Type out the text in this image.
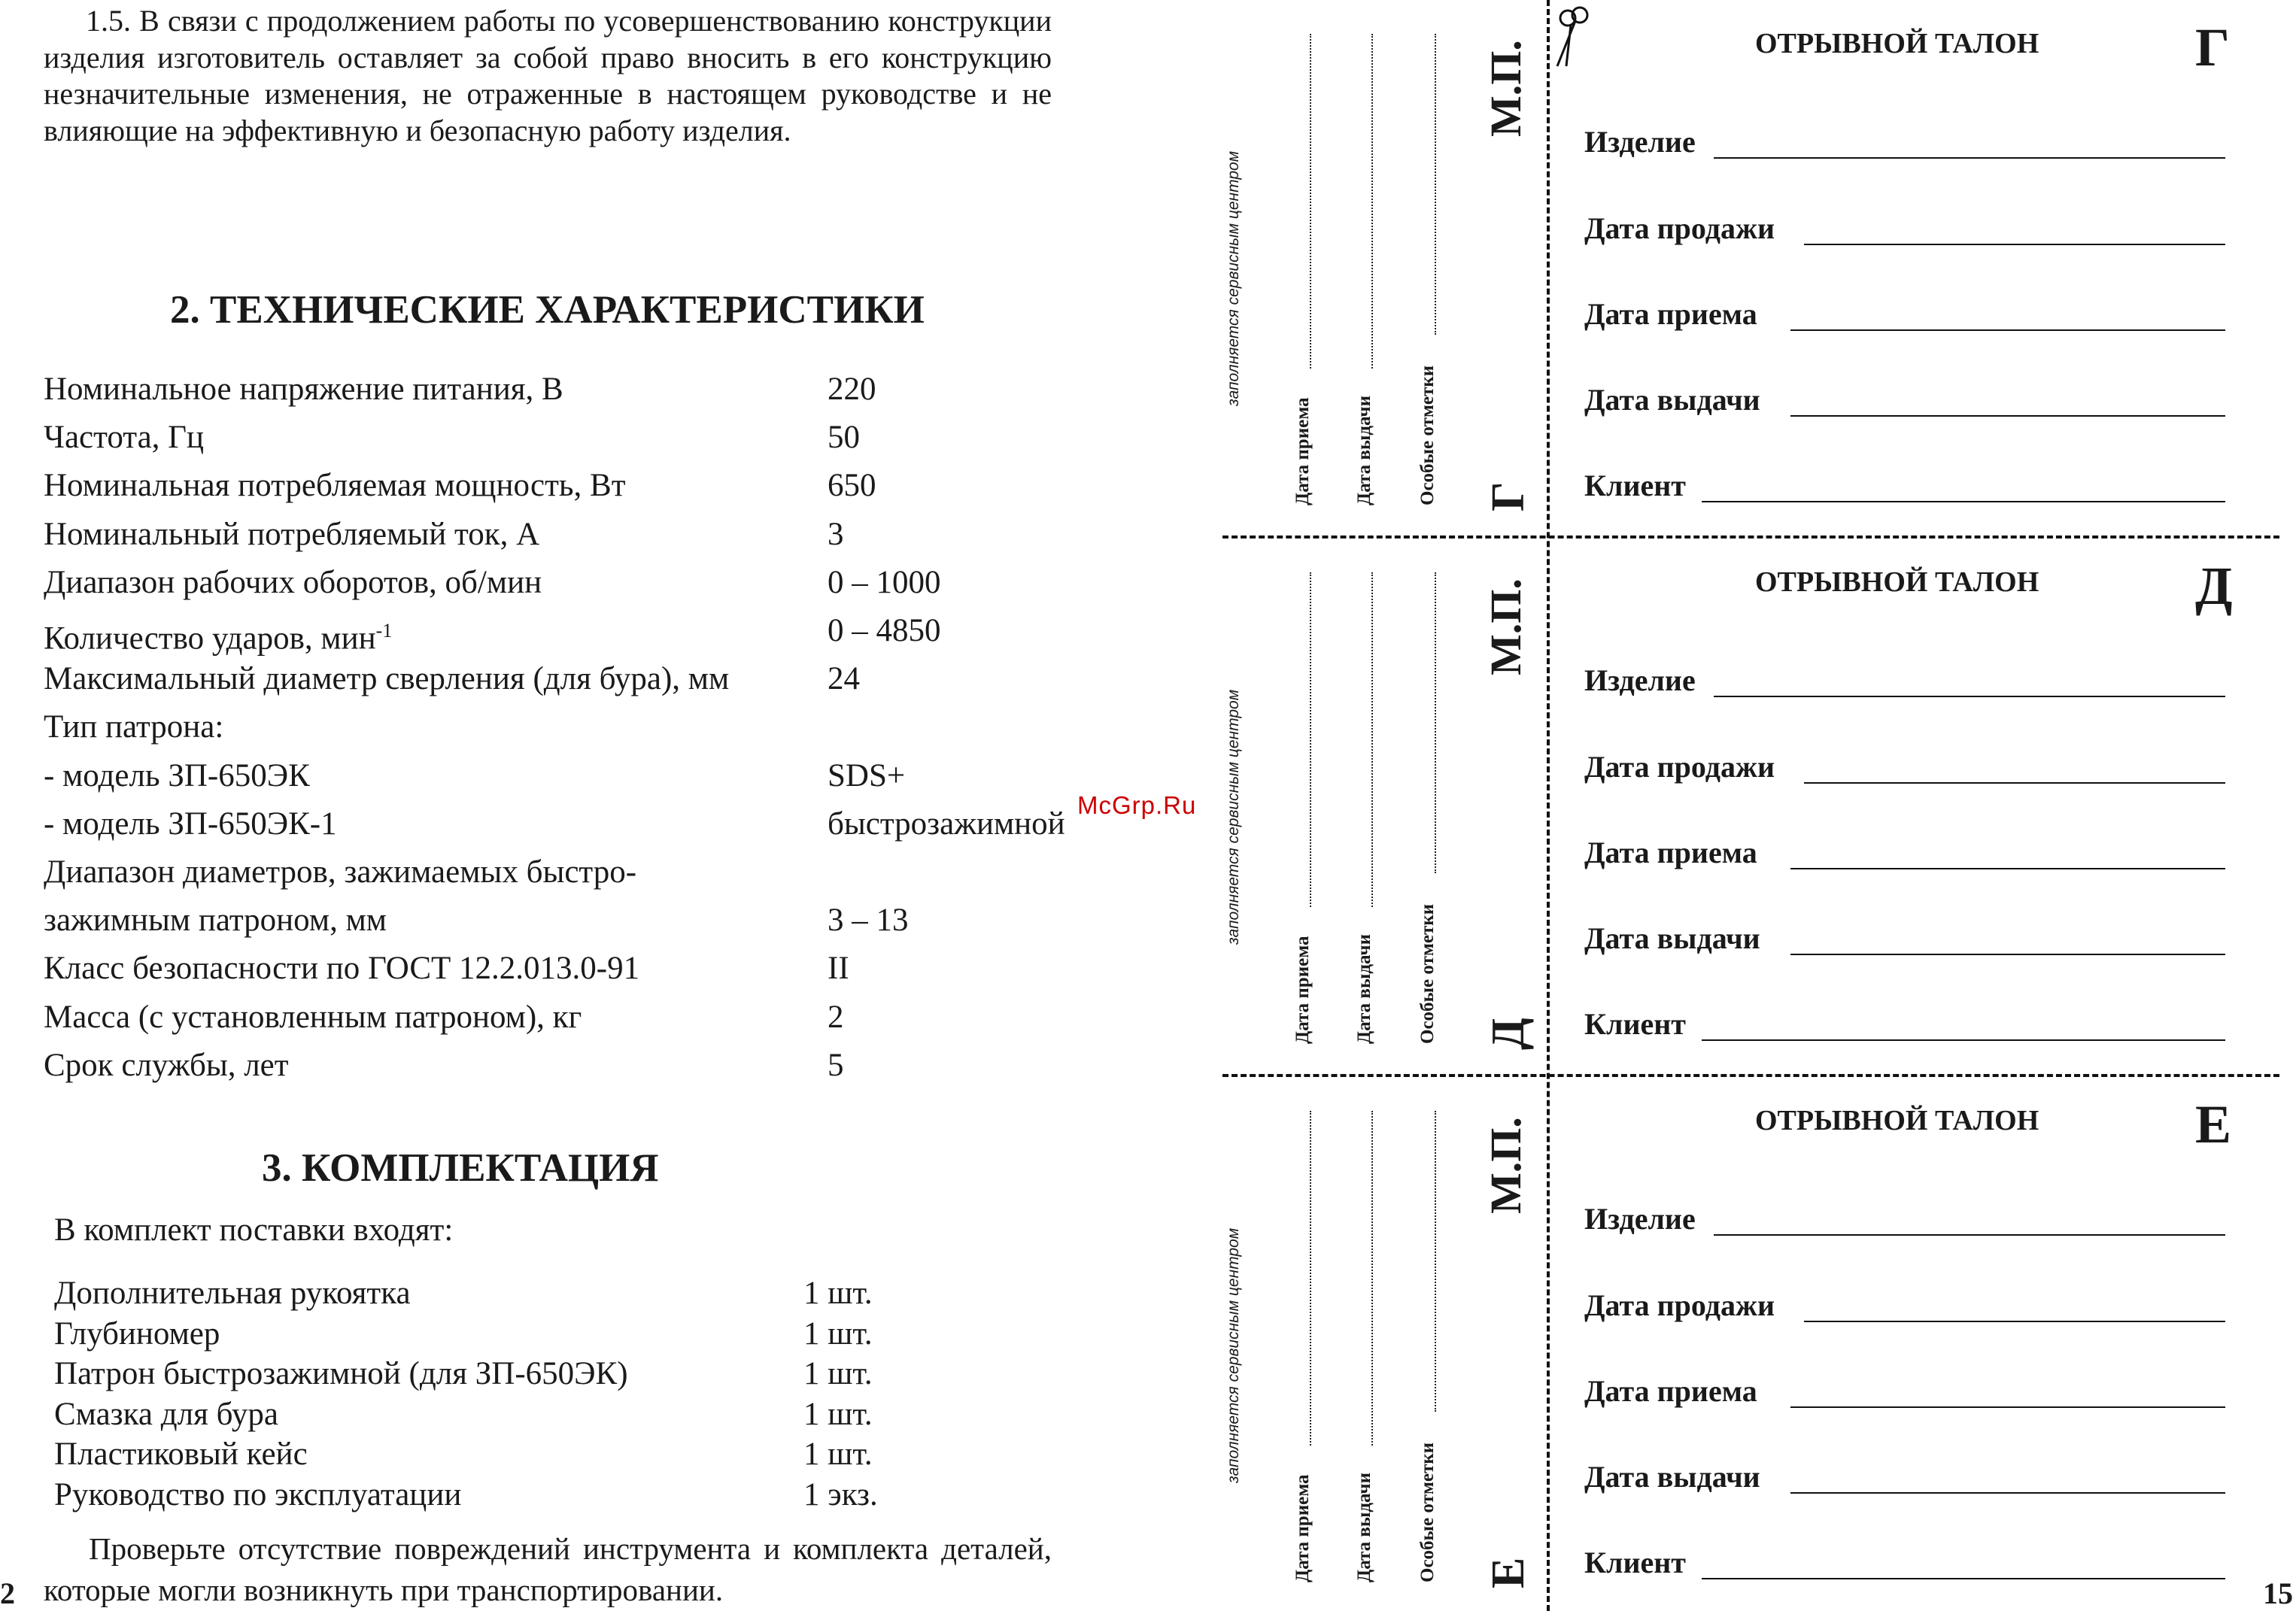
1.5. В связи с продолжением работы по усовершенствованию конструкции изделия изготовитель оставляет за собой право вносить в его конструкцию незначительные изменения, не отраженные в настоящем руководстве и не влияющие на эффективную и безопасную работу изделия.
2. ТЕХНИЧЕСКИЕ ХАРАКТЕРИСТИКИ
Номинальное напряжение питания, В	220
Частота, Гц	50
Номинальная потребляемая мощность, Вт	650
Номинальный потребляемый ток, А	3
Диапазон рабочих оборотов, об/мин	0 – 1000
Количество ударов, мин$^{-1}$	0 – 4850
Максимальный диаметр сверления (для бура), мм	24
Тип патрона:
- модель ЗП-650ЭК	SDS+
- модель ЗП-650ЭК-1	быстрозажимной
Диапазон диаметров, зажимаемых быстро-
зажимным патроном, мм	3 – 13
Класс безопасности по ГОСТ 12.2.013.0-91	II
Масса (с установленным патроном), кг	2
Срок службы, лет	5
3. КОМПЛЕКТАЦИЯ
В комплект поставки входят:
Дополнительная рукоятка	1 шт.
Глубиномер	1 шт.
Патрон быстрозажимной (для ЗП-650ЭК)	1 шт.
Смазка для бура	1 шт.
Пластиковый кейс	1 шт.
Руководство по эксплуатации	1 экз.
Проверьте отсутствие повреждений инструмента и комплекта деталей, которые могли возникнуть при транспортировании.
2	15
McGrp.Ru
заполняется сервисным центром
Дата приема Дата выдачи Особые отметки Г
М.П.	ОТРЫВНОЙ ТАЛОН	Г
Изделие
Дата продажи
Дата приема
Дата выдачи
Клиент
заполняется сервисным центром
Дата приема Дата выдачи Особые отметки Д
М.П.	ОТРЫВНОЙ ТАЛОН	Д
Изделие
Дата продажи
Дата приема
Дата выдачи
Клиент
заполняется сервисным центром
Дата приема Дата выдачи Особые отметки Е
М.П.	ОТРЫВНОЙ ТАЛОН	Е
Изделие
Дата продажи
Дата приема
Дата выдачи
Клиент
